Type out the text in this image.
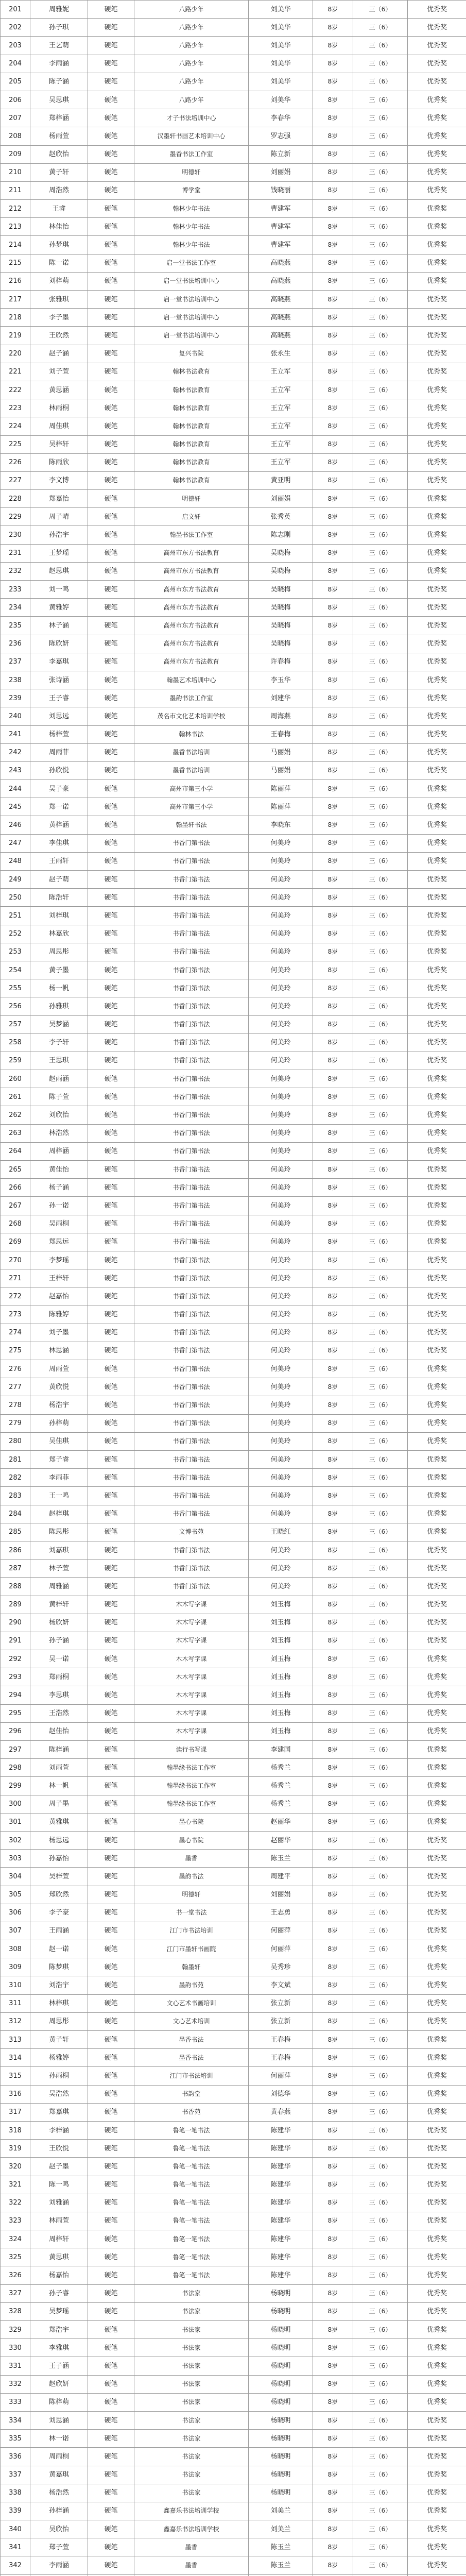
201	周雅妮	硬笔	八路少年	刘美华	8岁	三（6）	优秀奖
202	孙子琪	硬笔	八路少年	刘美华	8岁	三（6）	优秀奖
203	王艺萌	硬笔	八路少年	刘美华	8岁	三（6）	优秀奖
204	李雨涵	硬笔	八路少年	刘美华	8岁	三（6）	优秀奖
205	陈子涵	硬笔	八路少年	刘美华	8岁	三（6）	优秀奖
206	吴思琪	硬笔	八路少年	刘美华	8岁	三（6）	优秀奖
207	郑梓涵	硬笔	才子书法培训中心	李春华	8岁	三（6）	优秀奖
208	杨雨萱	硬笔	汉墨轩书画艺术培训中心	罗志强	8岁	三（6）	优秀奖
209	赵欣怡	硬笔	墨香书法工作室	陈立新	8岁	三（6）	优秀奖
210	黄子轩	硬笔	明德轩	刘丽娟	8岁	三（6）	优秀奖
211	周浩然	硬笔	博学堂	钱晓丽	8岁	三（6）	优秀奖
212	王睿	硬笔	翰林少年书法	曹建军	8岁	三（6）	优秀奖
213	林佳怡	硬笔	翰林少年书法	曹建军	8岁	三（6）	优秀奖
214	孙梦琪	硬笔	翰林少年书法	曹建军	8岁	三（6）	优秀奖
215	陈一诺	硬笔	启一堂书法工作室	高晓燕	8岁	三（6）	优秀奖
216	刘梓萌	硬笔	启一堂书法培训中心	高晓燕	8岁	三（6）	优秀奖
217	张雅琪	硬笔	启一堂书法培训中心	高晓燕	8岁	三（6）	优秀奖
218	李子墨	硬笔	启一堂书法培训中心	高晓燕	8岁	三（6）	优秀奖
219	王欣然	硬笔	启一堂书法培训中心	高晓燕	8岁	三（6）	优秀奖
220	赵子涵	硬笔	复兴书院	张永生	8岁	三（6）	优秀奖
221	刘子萱	硬笔	翰林书法教育	王立军	8岁	三（6）	优秀奖
222	黄思涵	硬笔	翰林书法教育	王立军	8岁	三（6）	优秀奖
223	林雨桐	硬笔	翰林书法教育	王立军	8岁	三（6）	优秀奖
224	周佳琪	硬笔	翰林书法教育	王立军	8岁	三（6）	优秀奖
225	吴梓轩	硬笔	翰林书法教育	王立军	8岁	三（6）	优秀奖
226	陈雨欣	硬笔	翰林书法教育	王立军	8岁	三（6）	优秀奖
227	李文博	硬笔	翰林书法教育	黄亚明	8岁	三（6）	优秀奖
228	郑嘉怡	硬笔	明德轩	刘丽娟	8岁	三（6）	优秀奖
229	周子晴	硬笔	启文轩	张秀英	8岁	三（6）	优秀奖
230	孙浩宇	硬笔	翰墨书法工作室	陈志刚	8岁	三（6）	优秀奖
231	王梦瑶	硬笔	高州市东方书法教育	吴晓梅	8岁	三（6）	优秀奖
232	赵思琪	硬笔	高州市东方书法教育	吴晓梅	8岁	三（6）	优秀奖
233	刘一鸣	硬笔	高州市东方书法教育	吴晓梅	8岁	三（6）	优秀奖
234	黄雅婷	硬笔	高州市东方书法教育	吴晓梅	8岁	三（6）	优秀奖
235	林子涵	硬笔	高州市东方书法教育	吴晓梅	8岁	三（6）	优秀奖
236	陈欣妍	硬笔	高州市东方书法教育	吴晓梅	8岁	三（6）	优秀奖
237	李嘉琪	硬笔	高州市东方书法教育	许春梅	8岁	三（6）	优秀奖
238	张诗涵	硬笔	翰墨艺术培训中心	李玉华	8岁	三（6）	优秀奖
239	王子睿	硬笔	墨韵书法工作室	刘建华	8岁	三（6）	优秀奖
240	刘思远	硬笔	茂名市文化艺术培训学校	周海燕	8岁	三（6）	优秀奖
241	杨梓萱	硬笔	翰林书法	王春梅	8岁	三（6）	优秀奖
242	周雨菲	硬笔	墨香书法培训	马丽娟	8岁	三（6）	优秀奖
243	孙欣悦	硬笔	墨香书法培训	马丽娟	8岁	三（6）	优秀奖
244	吴子豪	硬笔	高州市第三小学	陈丽萍	8岁	三（6）	优秀奖
245	郑一诺	硬笔	高州市第三小学	陈丽萍	8岁	三（6）	优秀奖
246	黄梓涵	硬笔	翰墨轩书法	李晓东	8岁	三（6）	优秀奖
247	李佳琪	硬笔	书香门第书法	何美玲	8岁	三（6）	优秀奖
248	王雨轩	硬笔	书香门第书法	何美玲	8岁	三（6）	优秀奖
249	赵子萌	硬笔	书香门第书法	何美玲	8岁	三（6）	优秀奖
250	陈浩轩	硬笔	书香门第书法	何美玲	8岁	三（6）	优秀奖
251	刘梓琪	硬笔	书香门第书法	何美玲	8岁	三（6）	优秀奖
252	林嘉欣	硬笔	书香门第书法	何美玲	8岁	三（6）	优秀奖
253	周思彤	硬笔	书香门第书法	何美玲	8岁	三（6）	优秀奖
254	黄子墨	硬笔	书香门第书法	何美玲	8岁	三（6）	优秀奖
255	杨一帆	硬笔	书香门第书法	何美玲	8岁	三（6）	优秀奖
256	孙雅琪	硬笔	书香门第书法	何美玲	8岁	三（6）	优秀奖
257	吴梦涵	硬笔	书香门第书法	何美玲	8岁	三（6）	优秀奖
258	李子轩	硬笔	书香门第书法	何美玲	8岁	三（6）	优秀奖
259	王思琪	硬笔	书香门第书法	何美玲	8岁	三（6）	优秀奖
260	赵雨涵	硬笔	书香门第书法	何美玲	8岁	三（6）	优秀奖
261	陈子萱	硬笔	书香门第书法	何美玲	8岁	三（6）	优秀奖
262	刘欣怡	硬笔	书香门第书法	何美玲	8岁	三（6）	优秀奖
263	林浩然	硬笔	书香门第书法	何美玲	8岁	三（6）	优秀奖
264	周梓涵	硬笔	书香门第书法	何美玲	8岁	三（6）	优秀奖
265	黄佳怡	硬笔	书香门第书法	何美玲	8岁	三（6）	优秀奖
266	杨子涵	硬笔	书香门第书法	何美玲	8岁	三（6）	优秀奖
267	孙一诺	硬笔	书香门第书法	何美玲	8岁	三（6）	优秀奖
268	吴雨桐	硬笔	书香门第书法	何美玲	8岁	三（6）	优秀奖
269	郑思远	硬笔	书香门第书法	何美玲	8岁	三（6）	优秀奖
270	李梦瑶	硬笔	书香门第书法	何美玲	8岁	三（6）	优秀奖
271	王梓轩	硬笔	书香门第书法	何美玲	8岁	三（6）	优秀奖
272	赵嘉怡	硬笔	书香门第书法	何美玲	8岁	三（6）	优秀奖
273	陈雅婷	硬笔	书香门第书法	何美玲	8岁	三（6）	优秀奖
274	刘子墨	硬笔	书香门第书法	何美玲	8岁	三（6）	优秀奖
275	林思涵	硬笔	书香门第书法	何美玲	8岁	三（6）	优秀奖
276	周雨萱	硬笔	书香门第书法	何美玲	8岁	三（6）	优秀奖
277	黄欣悦	硬笔	书香门第书法	何美玲	8岁	三（6）	优秀奖
278	杨浩宇	硬笔	书香门第书法	何美玲	8岁	三（6）	优秀奖
279	孙梓萌	硬笔	书香门第书法	何美玲	8岁	三（6）	优秀奖
280	吴佳琪	硬笔	书香门第书法	何美玲	8岁	三（6）	优秀奖
281	郑子睿	硬笔	书香门第书法	何美玲	8岁	三（6）	优秀奖
282	李雨菲	硬笔	书香门第书法	何美玲	8岁	三（6）	优秀奖
283	王一鸣	硬笔	书香门第书法	何美玲	8岁	三（6）	优秀奖
284	赵梓琪	硬笔	书香门第书法	何美玲	8岁	三（6）	优秀奖
285	陈思彤	硬笔	文博书苑	王晓红	8岁	三（6）	优秀奖
286	刘嘉琪	硬笔	书香门第书法	何美玲	8岁	三（6）	优秀奖
287	林子萱	硬笔	书香门第书法	何美玲	8岁	三（6）	优秀奖
288	周雅涵	硬笔	书香门第书法	何美玲	8岁	三（6）	优秀奖
289	黄梓轩	硬笔	木木写字课	刘玉梅	8岁	三（6）	优秀奖
290	杨欣妍	硬笔	木木写字课	刘玉梅	8岁	三（6）	优秀奖
291	孙子涵	硬笔	木木写字课	刘玉梅	8岁	三（6）	优秀奖
292	吴一诺	硬笔	木木写字课	刘玉梅	8岁	三（6）	优秀奖
293	郑雨桐	硬笔	木木写字课	刘玉梅	8岁	三（6）	优秀奖
294	李思琪	硬笔	木木写字课	刘玉梅	8岁	三（6）	优秀奖
295	王浩然	硬笔	木木写字课	刘玉梅	8岁	三（6）	优秀奖
296	赵佳怡	硬笔	木木写字课	刘玉梅	8岁	三（6）	优秀奖
297	陈梓涵	硬笔	读行书写课	李建国	8岁	三（6）	优秀奖
298	刘雨萱	硬笔	翰墨缘书法工作室	杨秀兰	8岁	三（6）	优秀奖
299	林一帆	硬笔	翰墨缘书法工作室	杨秀兰	8岁	三（6）	优秀奖
300	周子墨	硬笔	翰墨缘书法工作室	杨秀兰	8岁	三（6）	优秀奖
301	黄雅琪	硬笔	墨心书院	赵丽华	8岁	三（6）	优秀奖
302	杨思远	硬笔	墨心书院	赵丽华	8岁	三（6）	优秀奖
303	孙嘉怡	硬笔	墨香	陈玉兰	8岁	三（6）	优秀奖
304	吴梓萱	硬笔	墨韵书法	周建平	8岁	三（6）	优秀奖
305	郑欣然	硬笔	明德轩	刘丽娟	8岁	三（6）	优秀奖
306	李子豪	硬笔	书一堂书法	王志勇	8岁	三（6）	优秀奖
307	王雨涵	硬笔	江门市书法培训	何丽萍	8岁	三（6）	优秀奖
308	赵一诺	硬笔	江门市墨轩书画院	何丽萍	8岁	三（6）	优秀奖
309	陈梦琪	硬笔	翰墨轩	吴秀珍	8岁	三（6）	优秀奖
310	刘浩宇	硬笔	墨韵书苑	李文斌	8岁	三（6）	优秀奖
311	林梓琪	硬笔	文心艺术书画培训	张立新	8岁	三（6）	优秀奖
312	周思彤	硬笔	文心艺术培训	张立新	8岁	三（6）	优秀奖
313	黄子轩	硬笔	墨香书法	王春梅	8岁	三（6）	优秀奖
314	杨雅婷	硬笔	墨香书法	王春梅	8岁	三（6）	优秀奖
315	孙雨桐	硬笔	江门市书法培训	何丽萍	8岁	三（6）	优秀奖
316	吴浩然	硬笔	书韵堂	刘德华	8岁	三（6）	优秀奖
317	郑嘉琪	硬笔	书香苑	黄春燕	8岁	三（6）	优秀奖
318	李梓涵	硬笔	鲁笔一笔书法	陈建华	8岁	三（6）	优秀奖
319	王欣悦	硬笔	鲁笔一笔书法	陈建华	8岁	三（6）	优秀奖
320	赵子墨	硬笔	鲁笔一笔书法	陈建华	8岁	三（6）	优秀奖
321	陈一鸣	硬笔	鲁笔一笔书法	陈建华	8岁	三（6）	优秀奖
322	刘雅涵	硬笔	鲁笔一笔书法	陈建华	8岁	三（6）	优秀奖
323	林雨萱	硬笔	鲁笔一笔书法	陈建华	8岁	三（6）	优秀奖
324	周梓轩	硬笔	鲁笔一笔书法	陈建华	8岁	三（6）	优秀奖
325	黄思琪	硬笔	鲁笔一笔书法	陈建华	8岁	三（6）	优秀奖
326	杨嘉怡	硬笔	鲁笔一笔书法	陈建华	8岁	三（6）	优秀奖
327	孙子睿	硬笔	书法家	杨晓明	8岁	三（6）	优秀奖
328	吴梦瑶	硬笔	书法家	杨晓明	8岁	三（6）	优秀奖
329	郑浩宇	硬笔	书法家	杨晓明	8岁	三（6）	优秀奖
330	李雅琪	硬笔	书法家	杨晓明	8岁	三（6）	优秀奖
331	王子涵	硬笔	书法家	杨晓明	8岁	三（6）	优秀奖
332	赵欣妍	硬笔	书法家	杨晓明	8岁	三（6）	优秀奖
333	陈梓萌	硬笔	书法家	杨晓明	8岁	三（6）	优秀奖
334	刘思涵	硬笔	书法家	杨晓明	8岁	三（6）	优秀奖
335	林一诺	硬笔	书法家	杨晓明	8岁	三（6）	优秀奖
336	周雨桐	硬笔	书法家	杨晓明	8岁	三（6）	优秀奖
337	黄嘉琪	硬笔	书法家	杨晓明	8岁	三（6）	优秀奖
338	杨浩然	硬笔	书法家	杨晓明	8岁	三（6）	优秀奖
339	孙梓涵	硬笔	鑫嘉乐书法培训学校	刘美兰	8岁	三（6）	优秀奖
340	吴欣怡	硬笔	鑫嘉乐书法培训学校	刘美兰	8岁	三（6）	优秀奖
341	郑子萱	硬笔	墨香	陈玉兰	8岁	三（6）	优秀奖
342	李雨涵	硬笔	墨香	陈玉兰	8岁	三（6）	优秀奖
